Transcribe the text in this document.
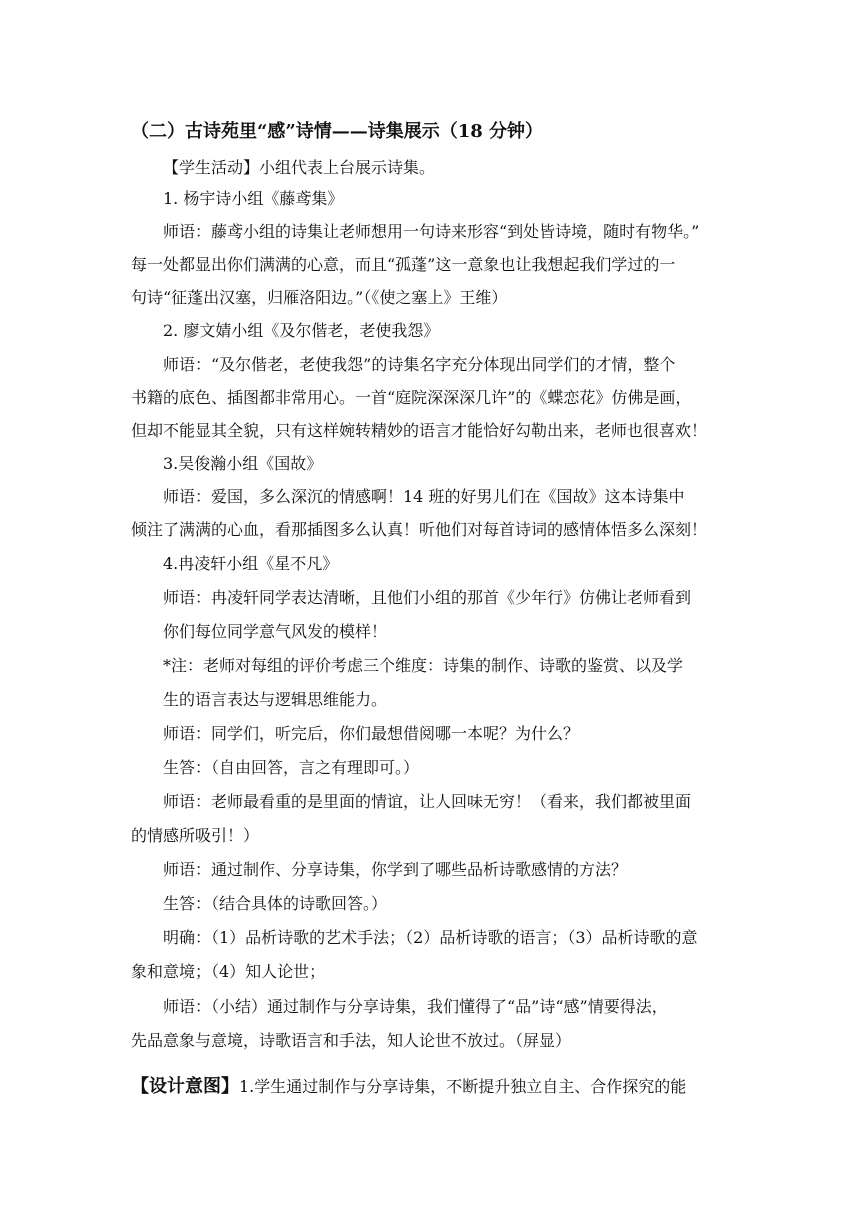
（二）古诗苑里“感”诗情——诗集展示（18 分钟）
【学生活动】小组代表上台展示诗集。
1. 杨宇诗小组《藤鸢集》
师语：藤鸢小组的诗集让老师想用一句诗来形容“到处皆诗境，随时有物华。”
每一处都显出你们满满的心意，而且“孤蓬”这一意象也让我想起我们学过的一
句诗“征蓬出汉塞，归雁洛阳边。”（《使之塞上》王维）
2. 廖文婧小组《及尔偕老，老使我怨》
师语：“及尔偕老，老使我怨”的诗集名字充分体现出同学们的才情，整个
书籍的底色、插图都非常用心。一首“庭院深深深几许”的《蝶恋花》仿佛是画，
但却不能显其全貌，只有这样婉转精妙的语言才能恰好勾勒出来，老师也很喜欢！
3.吴俊瀚小组《国故》
师语：爱国，多么深沉的情感啊！14 班的好男儿们在《国故》这本诗集中
倾注了满满的心血，看那插图多么认真！听他们对每首诗词的感情体悟多么深刻！
4.冉凌轩小组《星不凡》
师语：冉凌轩同学表达清晰，且他们小组的那首《少年行》仿佛让老师看到
你们每位同学意气风发的模样！
*注：老师对每组的评价考虑三个维度：诗集的制作、诗歌的鉴赏、以及学
生的语言表达与逻辑思维能力。
师语：同学们，听完后，你们最想借阅哪一本呢？为什么？
生答：（自由回答，言之有理即可。）
师语：老师最看重的是里面的情谊，让人回味无穷！（看来，我们都被里面
的情感所吸引！）
师语：通过制作、分享诗集，你学到了哪些品析诗歌感情的方法？
生答：（结合具体的诗歌回答。）
明确：（1）品析诗歌的艺术手法；（2）品析诗歌的语言；（3）品析诗歌的意
象和意境；（4）知人论世；
师语：（小结）通过制作与分享诗集，我们懂得了“品”诗“感”情要得法，
先品意象与意境，诗歌语言和手法，知人论世不放过。（屏显）
【设计意图】1.学生通过制作与分享诗集，不断提升独立自主、合作探究的能
